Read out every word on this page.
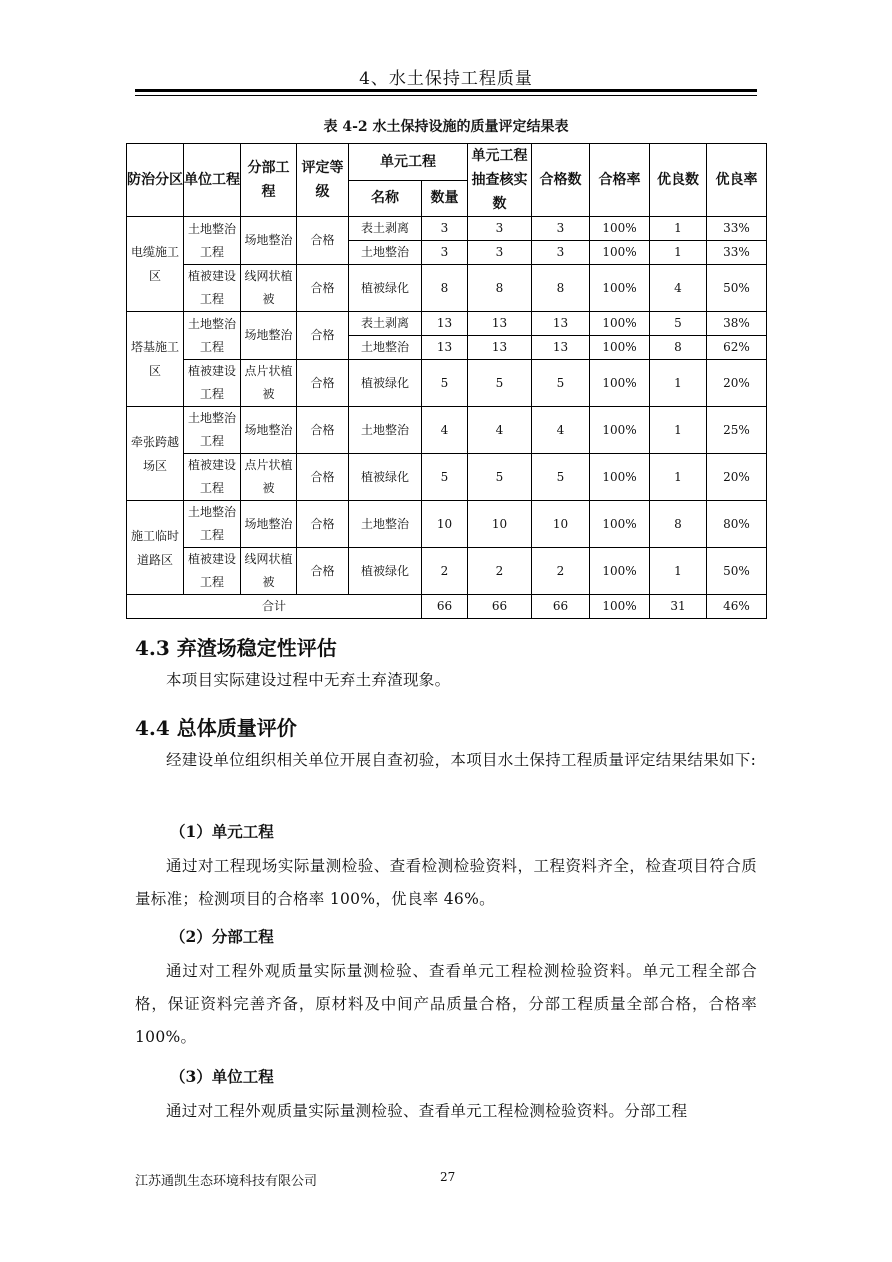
4、水土保持工程质量
表 4-2 水土保持设施的质量评定结果表
防治分区	单位工程	分部工程	评定等级	单元工程		单元工程抽查核实数	合格数	合格率	优良数	优良率
				名称	数量					
电缆施工区	土地整治工程	场地整治	合格	表土剥离	3	3	3	100%	1	33%
				土地整治	3	3	3	100%	1	33%
	植被建设工程	线网状植被	合格	植被绿化	8	8	8	100%	4	50%
塔基施工区	土地整治工程	场地整治	合格	表土剥离	13	13	13	100%	5	38%
				土地整治	13	13	13	100%	8	62%
	植被建设工程	点片状植被	合格	植被绿化	5	5	5	100%	1	20%
牵张跨越场区	土地整治工程	场地整治	合格	土地整治	4	4	4	100%	1	25%
	植被建设工程	点片状植被	合格	植被绿化	5	5	5	100%	1	20%
施工临时道路区	土地整治工程	场地整治	合格	土地整治	10	10	10	100%	8	80%
	植被建设工程	线网状植被	合格	植被绿化	2	2	2	100%	1	50%
合计					66	66	66	100%	31	46%
4.3 弃渣场稳定性评估
本项目实际建设过程中无弃土弃渣现象。
4.4 总体质量评价
经建设单位组织相关单位开展自查初验，本项目水土保持工程质量评定结果结果如下:
（1）单元工程
通过对工程现场实际量测检验、查看检测检验资料，工程资料齐全，检查项目符合质量标准；检测项目的合格率 100%，优良率 46%。
（2）分部工程
通过对工程外观质量实际量测检验、查看单元工程检测检验资料。单元工程全部合格，保证资料完善齐备，原材料及中间产品质量合格，分部工程质量全部合格，合格率 100%。
（3）单位工程
通过对工程外观质量实际量测检验、查看单元工程检测检验资料。分部工程
江苏通凯生态环境科技有限公司	27
